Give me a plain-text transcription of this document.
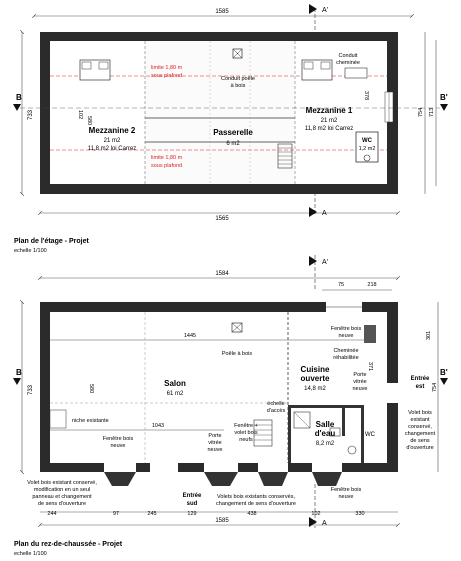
1585	A'
Mezzanine 2
21 m2
11,8 m2 loi Carrez
Mezzanine 1
21 m2
11,8 m2 loi Carrez
Passerelle
6 m2	WC
1,2 m2
limite 1,80 m
sous plafond
limite 1,80 m
sous plafond
Conduit poêle
à bois
Conduit
cheminée
580
102
378
733	754 713
B	B'
1565
A
Plan de l'étage - Projet
echelle 1/100
A'
1584
75	218
1445
1043
580
371
Salon
61 m2
Cuisine
ouverte
14,8 m2
Salle
d'eau
8,2 m2
WC
Poêle à bois
niche existante
échelle
d'accès
Fenêtre bois
neuve
Cheminée
réhabilitée
Porte
vitrée
neuve
301
Entrée
est
Volet bois
existant
conservé,
changement
de sens
d'ouverture
Fenêtre bois
neuve
Porte
vitrée
neuve
Fenêtre +
volet bois
neufs
Fenêtre bois
neuve
Volet bois existant conservé,
modification en un seul
panneau et changement
de sens d'ouverture
Entrée
sud
Volets bois existants conservés,
changement de sens d'ouverture
733	754
B	B'
244	97	245	129	438	102	330
1585	A
Plan du rez-de-chaussée - Projet
echelle 1/100
